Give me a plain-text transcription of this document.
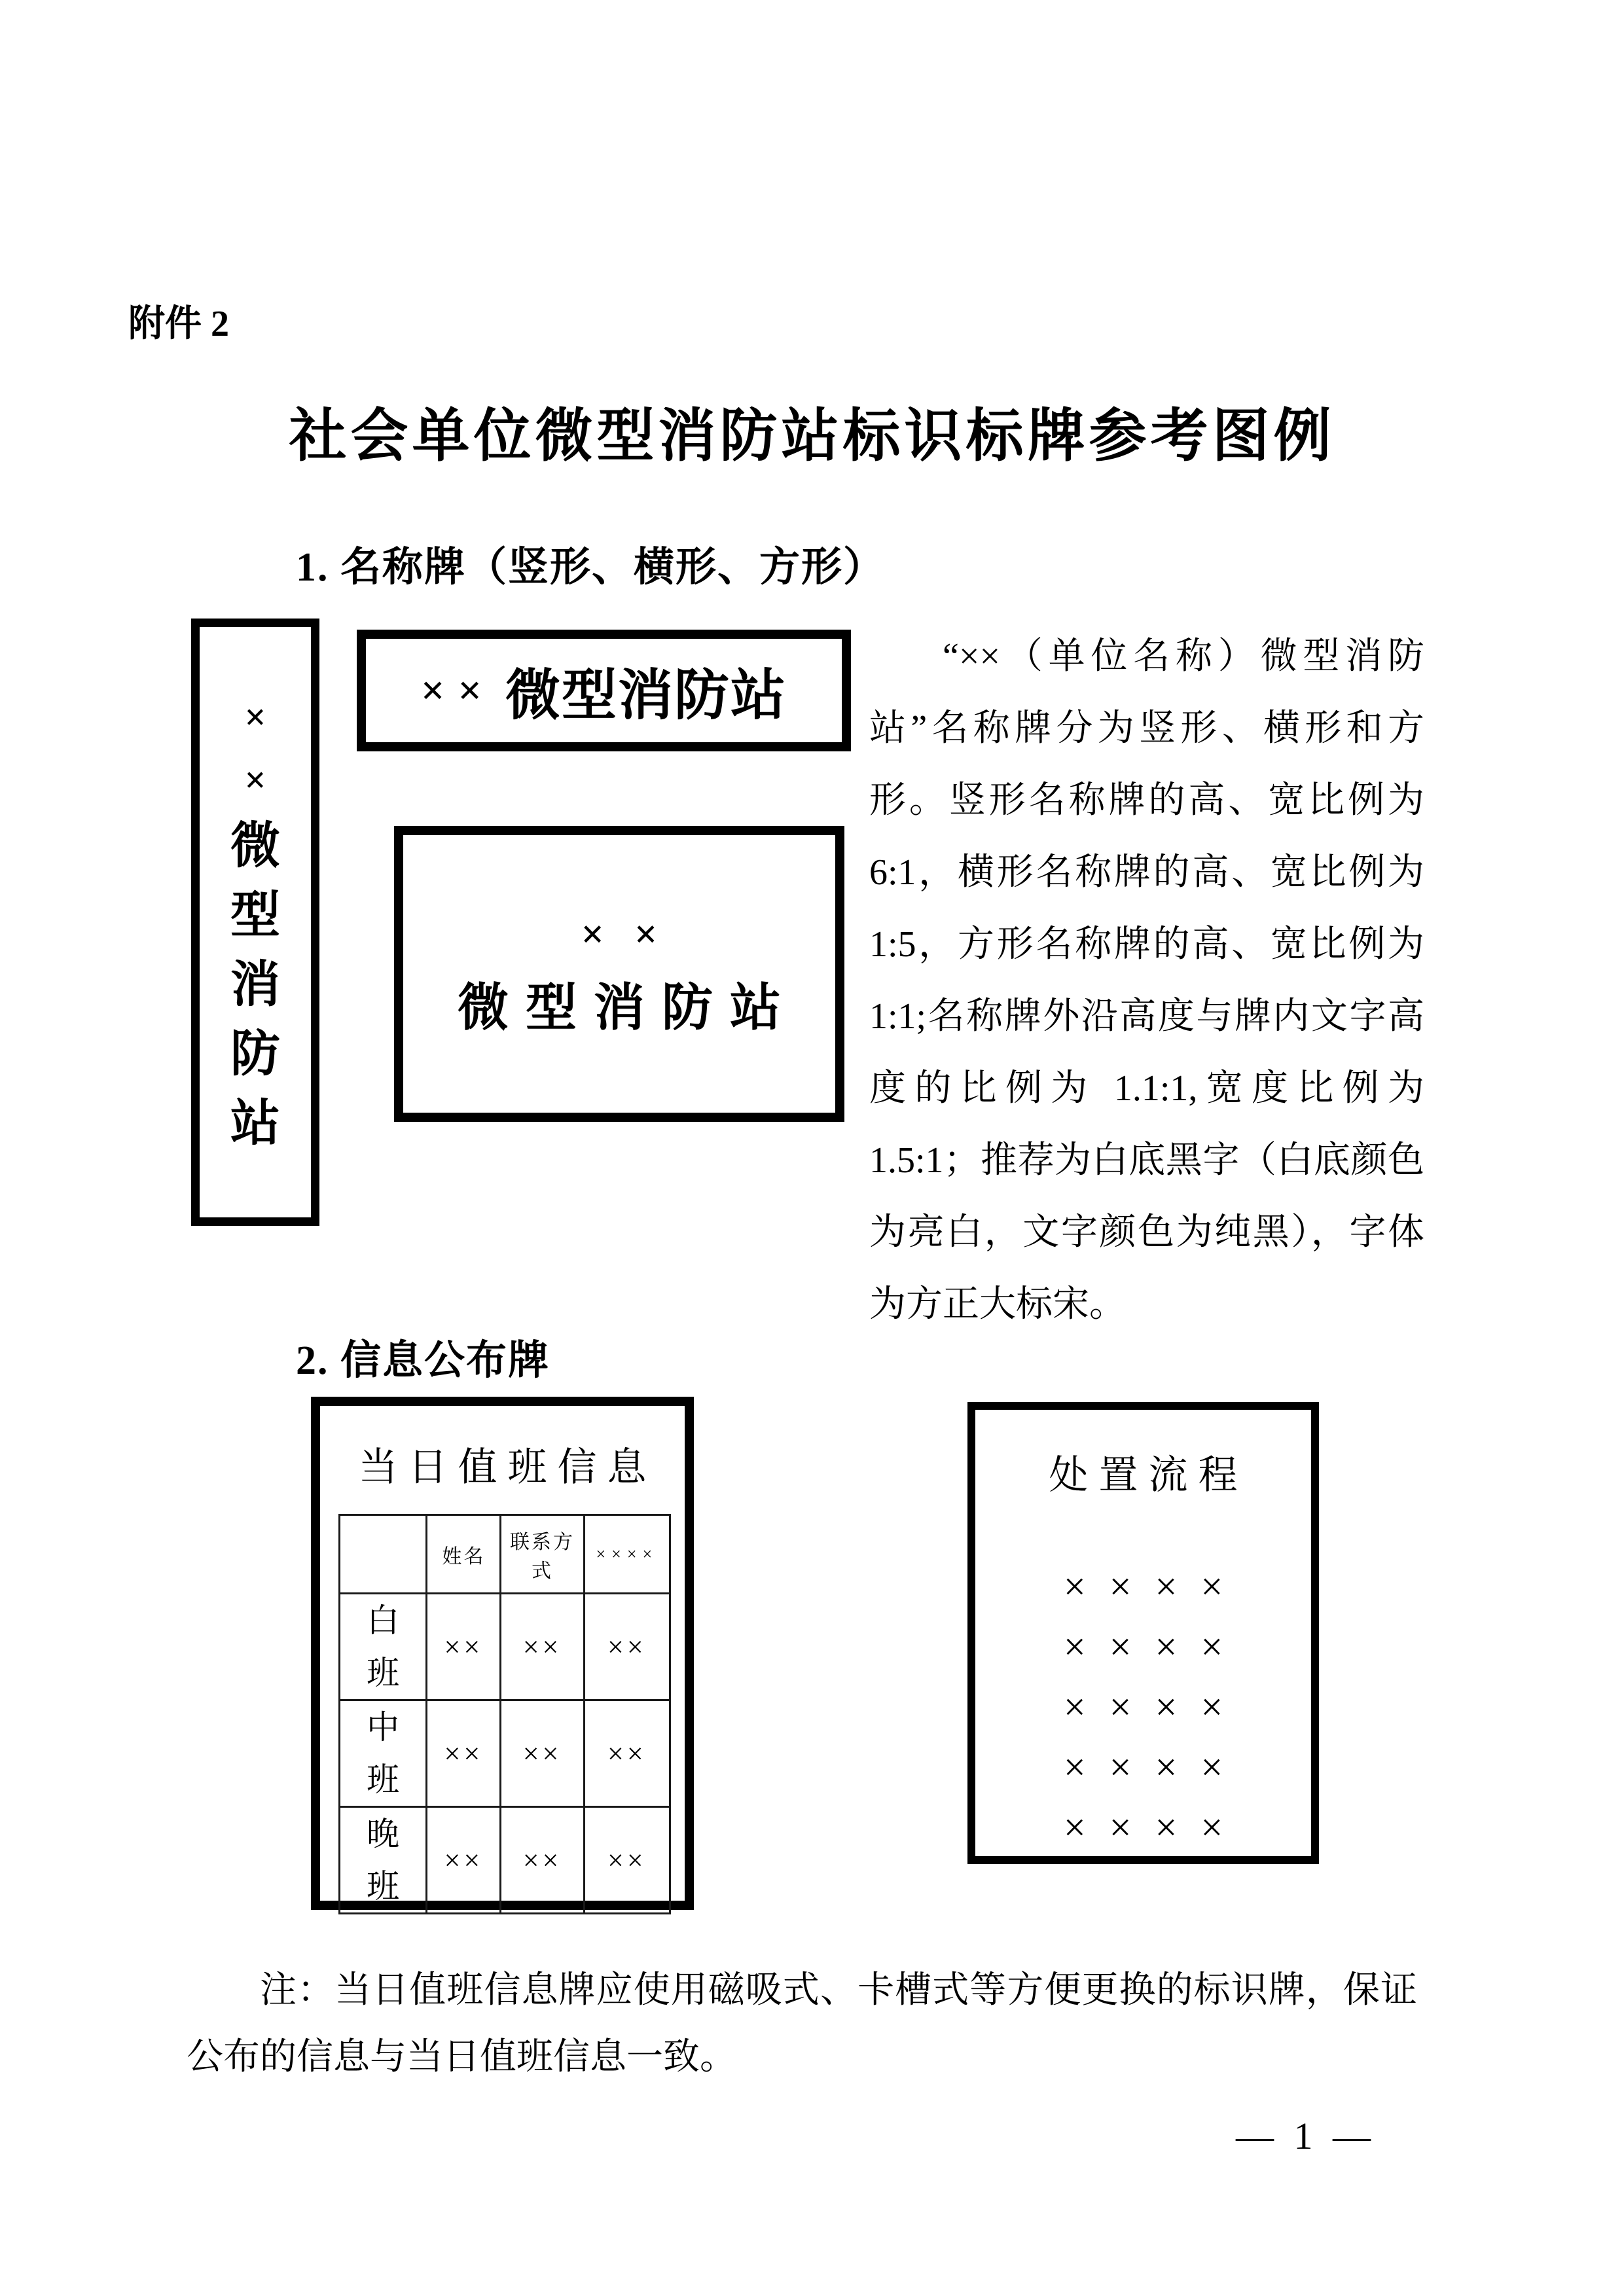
附件 2
社会单位微型消防站标识标牌参考图例
1. 名称牌（竖形、横形、方形）
×
×
微
型
消
防
站
×× 微型消防站
××
微型消防站
“××（单位名称）微型消防站”名称牌分为竖形、横形和方形。竖形名称牌的高、宽比例为6:1，横形名称牌的高、宽比例为1:5，方形名称牌的高、宽比例为1:1;名称牌外沿高度与牌内文字高度的比例为 1.1:1,宽度比例为1.5:1；推荐为白底黑字（白底颜色为亮白，文字颜色为纯黑），字体为方正大标宋。
2. 信息公布牌
当日值班信息
	姓名	联系方式	××××
白班	××	××	××
中班	××	××	××
晚班	××	××	××
处置流程
××××
××××
××××
××××
××××
注：当日值班信息牌应使用磁吸式、卡槽式等方便更换的标识牌，保证公布的信息与当日值班信息一致。
— 1 —
